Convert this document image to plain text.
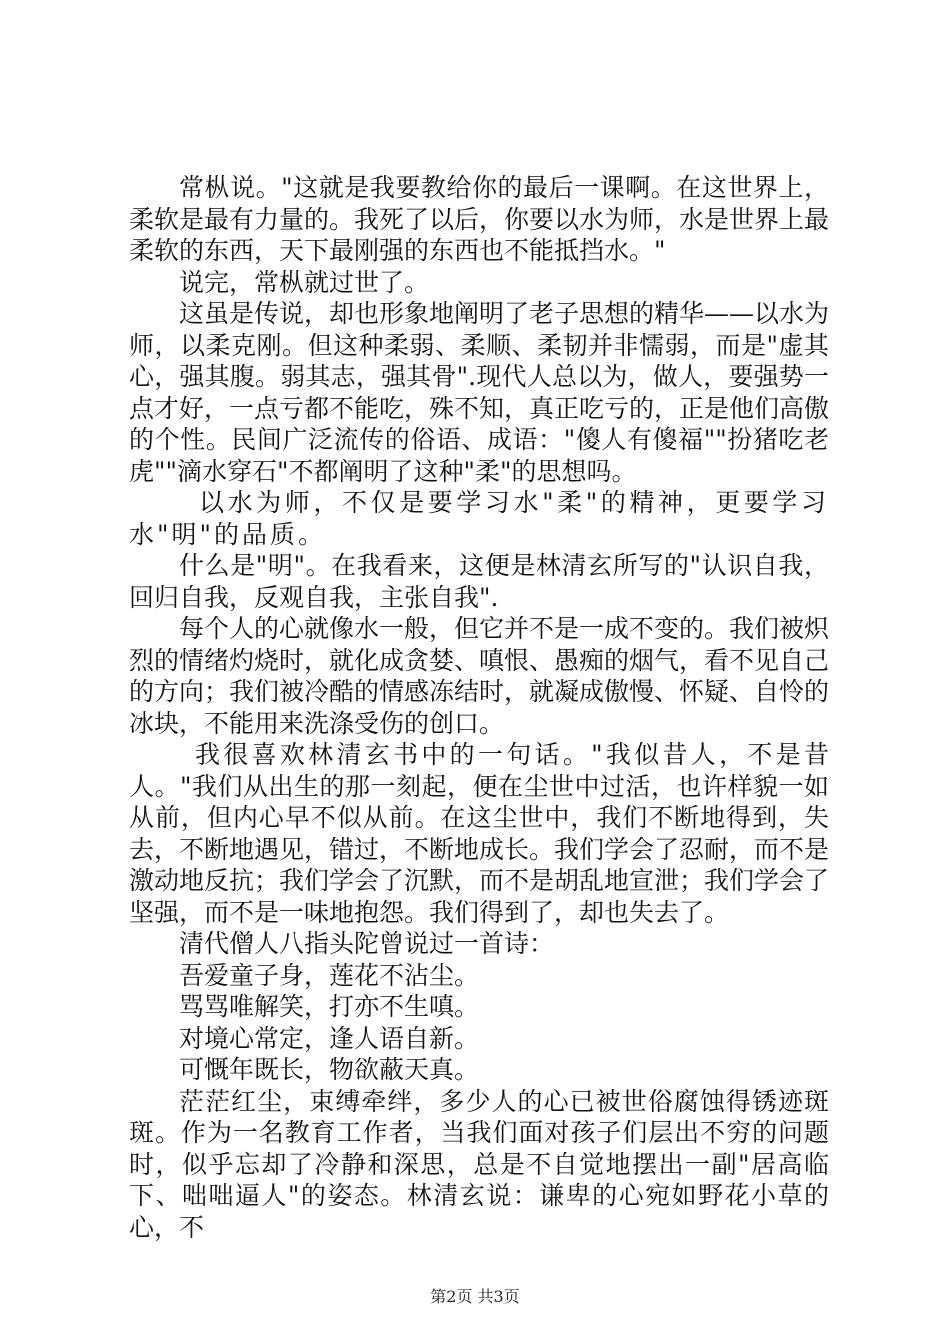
常枞说。"这就是我要教给你的最后一课啊。在这世界上，柔软是最有力量的。我死了以后，你要以水为师，水是世界上最柔软的东西，天下最刚强的东西也不能抵挡水。"

说完，常枞就过世了。

这虽是传说，却也形象地阐明了老子思想的精华——以水为师，以柔克刚。但这种柔弱、柔顺、柔韧并非懦弱，而是"虚其心，强其腹。弱其志，强其骨".现代人总以为，做人，要强势一点才好，一点亏都不能吃，殊不知，真正吃亏的，正是他们高傲的个性。民间广泛流传的俗语、成语："傻人有傻福""扮猪吃老虎""滴水穿石"不都阐明了这种"柔"的思想吗。

以水为师，不仅是要学习水"柔"的精神，更要学习水"明"的品质。

什么是"明"。在我看来，这便是林清玄所写的"认识自我，回归自我，反观自我，主张自我".

每个人的心就像水一般，但它并不是一成不变的。我们被炽烈的情绪灼烧时，就化成贪婪、嗔恨、愚痴的烟气，看不见自己的方向；我们被冷酷的情感冻结时，就凝成傲慢、怀疑、自怜的冰块，不能用来洗涤受伤的创口。

我很喜欢林清玄书中的一句话。"我似昔人，不是昔人。"我们从出生的那一刻起，便在尘世中过活，也许样貌一如从前，但内心早不似从前。在这尘世中，我们不断地得到，失去，不断地遇见，错过，不断地成长。我们学会了忍耐，而不是激动地反抗；我们学会了沉默，而不是胡乱地宣泄；我们学会了坚强，而不是一味地抱怨。我们得到了，却也失去了。

清代僧人八指头陀曾说过一首诗：

吾爱童子身，莲花不沾尘。

骂骂唯解笑，打亦不生嗔。

对境心常定，逢人语自新。

可慨年既长，物欲蔽天真。

茫茫红尘，束缚牵绊，多少人的心已被世俗腐蚀得锈迹斑斑。作为一名教育工作者，当我们面对孩子们层出不穷的问题时，似乎忘却了冷静和深思，总是不自觉地摆出一副"居高临下、咄咄逼人"的姿态。林清玄说：谦卑的心宛如野花小草的心，不

第2页 共3页
